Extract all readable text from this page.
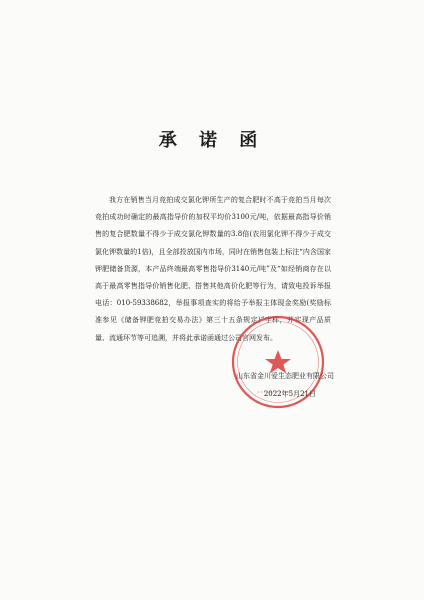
承 诺 函

我方在销售当月竞拍成交氯化钾所生产的复合肥时不高于竞拍当月每次竞拍成功时确定的最高指导价的加权平均价3100元/吨，依据最高指导价销售的复合肥数量不得少于成交氯化钾数量的3.8倍(农用氯化钾不得少于成交氯化钾数量的1倍)，且全部投放国内市场，同时在销售包装上标注“内含国家钾肥储备货源，本产品终端最高零售指导价3140元/吨”及“如经销商存在以高于最高零售指导价销售化肥、搭售其他高价化肥等行为，请致电投诉举报电话：010-59338682，举报事项查实的将给予举报主体现金奖励(奖励标准参见《储备钾肥竞拍交易办法》第三十五条规定)”字样，并实现产品质量、流通环节等可追溯，并将此承诺函通过公司官网发布。

山东省金川爱生态肥业有限公司
2022年5月21日
